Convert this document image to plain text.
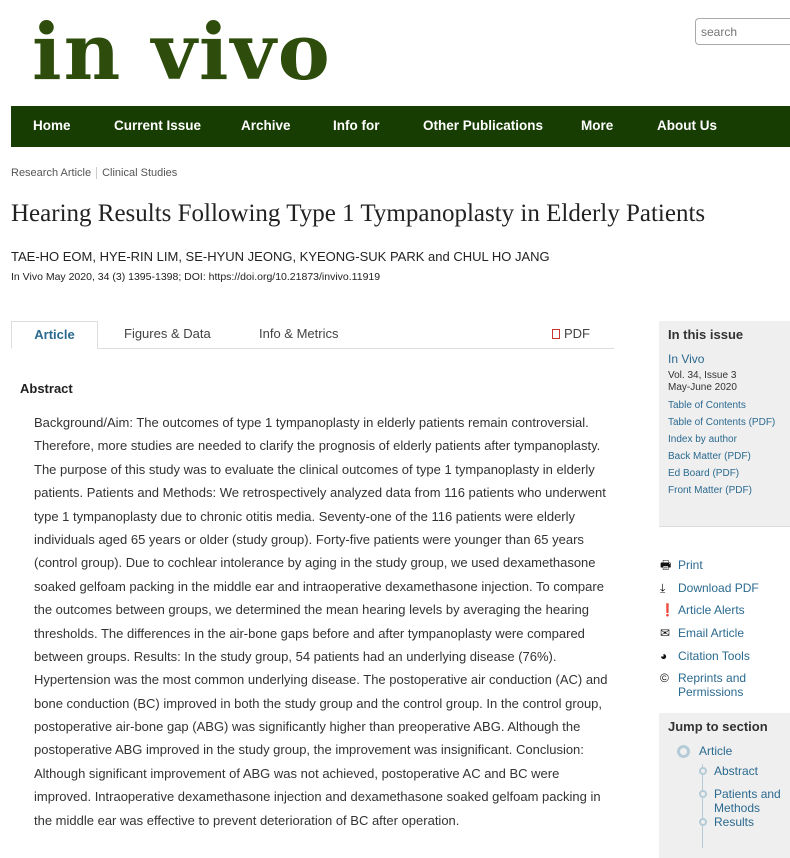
in vivo
search
Home	Current Issue	Archive	Info for	Other Publications	More	About Us
Research Article Clinical Studies
Hearing Results Following Type 1 Tympanoplasty in Elderly Patients
TAE-HO EOM, HYE-RIN LIM, SE-HYUN JEONG, KYEONG-SUK PARK and CHUL HO JANG
In Vivo May 2020, 34 (3) 1395-1398; DOI: https://doi.org/10.21873/invivo.11919
Article	Figures & Data	Info & Metrics	PDF
Abstract
Background/Aim: The outcomes of type 1 tympanoplasty in elderly patients remain controversial.
Therefore, more studies are needed to clarify the prognosis of elderly patients after tympanoplasty.
The purpose of this study was to evaluate the clinical outcomes of type 1 tympanoplasty in elderly
patients. Patients and Methods: We retrospectively analyzed data from 116 patients who underwent
type 1 tympanoplasty due to chronic otitis media. Seventy-one of the 116 patients were elderly
individuals aged 65 years or older (study group). Forty-five patients were younger than 65 years
(control group). Due to cochlear intolerance by aging in the study group, we used dexamethasone
soaked gelfoam packing in the middle ear and intraoperative dexamethasone injection. To compare
the outcomes between groups, we determined the mean hearing levels by averaging the hearing
thresholds. The differences in the air-bone gaps before and after tympanoplasty were compared
between groups. Results: In the study group, 54 patients had an underlying disease (76%).
Hypertension was the most common underlying disease. The postoperative air conduction (AC) and
bone conduction (BC) improved in both the study group and the control group. In the control group,
postoperative air-bone gap (ABG) was significantly higher than preoperative ABG. Although the
postoperative ABG improved in the study group, the improvement was insignificant. Conclusion:
Although significant improvement of ABG was not achieved, postoperative AC and BC were
improved. Intraoperative dexamethasone injection and dexamethasone soaked gelfoam packing in
the middle ear was effective to prevent deterioration of BC after operation.
In this issue
In Vivo
Vol. 34, Issue 3
May-June 2020
Table of Contents
Table of Contents (PDF)
Index by author
Back Matter (PDF)
Ed Board (PDF)
Front Matter (PDF)
🖶 Print
⤓	Download PDF
❗ Article Alerts
✉ Email Article
◕ Citation Tools
© Reprints and Permissions
Jump to section
Article
Abstract
Patients and Methods
Results
